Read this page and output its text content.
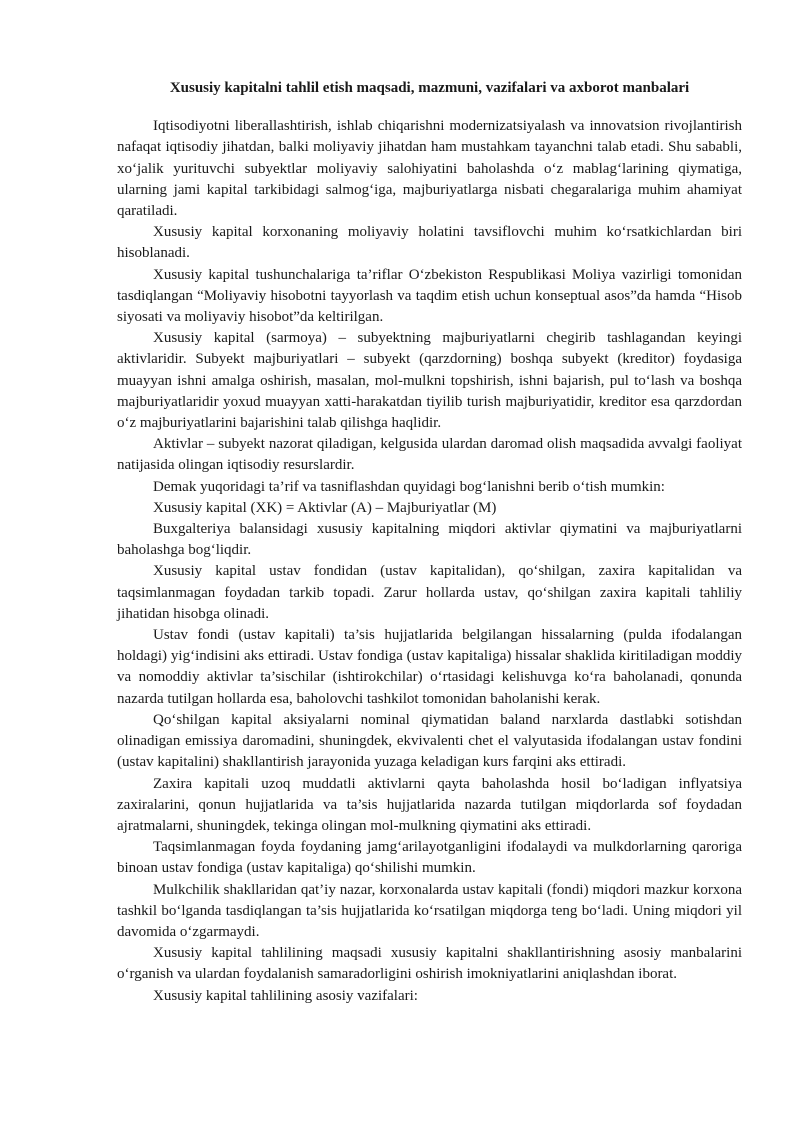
Xususiy kapitalni tahlil etish maqsadi, mazmuni, vazifalari va axborot manbalari

Iqtisodiyotni liberallashtirish, ishlab chiqarishni modernizatsiyalash va innovatsion rivojlantirish nafaqat iqtisodiy jihatdan, balki moliyaviy jihatdan ham mustahkam tayanchni talab etadi. Shu sababli, xo‘jalik yurituvchi subyektlar moliyaviy salohiyatini baholashda o‘z mablag‘larining qiymatiga, ularning jami kapital tarkibidagi salmog‘iga, majburiyatlarga nisbati chegaralariga muhim ahamiyat qaratiladi.

Xususiy kapital korxonaning moliyaviy holatini tavsiflovchi muhim ko‘rsatkichlardan biri hisoblanadi.

Xususiy kapital tushunchalariga ta’riflar O‘zbekiston Respublikasi Moliya vazirligi tomonidan tasdiqlangan “Moliyaviy hisobotni tayyorlash va taqdim etish uchun konseptual asos”da hamda “Hisob siyosati va moliyaviy hisobot”da keltirilgan.

Xususiy kapital (sarmoya) – subyektning majburiyatlarni chegirib tashlagandan keyingi aktivlaridir. Subyekt majburiyatlari – subyekt (qarzdorning) boshqa subyekt (kreditor) foydasiga muayyan ishni amalga oshirish, masalan, mol-mulkni topshirish, ishni bajarish, pul to‘lash va boshqa majburiyatlaridir yoxud muayyan xatti-harakatdan tiyilib turish majburiyatidir, kreditor esa qarzdordan o‘z majburiyatlarini bajarishini talab qilishga haqlidir.

Aktivlar – subyekt nazorat qiladigan, kelgusida ulardan daromad olish maqsadida avvalgi faoliyat natijasida olingan iqtisodiy resurslardir.

Demak yuqoridagi ta’rif va tasniflashdan quyidagi bog‘lanishni berib o‘tish mumkin:

Xususiy kapital (XK) = Aktivlar (A) – Majburiyatlar (M)

Buxgalteriya balansidagi xususiy kapitalning miqdori aktivlar qiymatini va majburiyatlarni baholashga bog‘liqdir.

Xususiy kapital ustav fondidan (ustav kapitalidan), qo‘shilgan, zaxira kapitalidan va taqsimlanmagan foydadan tarkib topadi. Zarur hollarda ustav, qo‘shilgan zaxira kapitali tahliliy jihatidan hisobga olinadi.

Ustav fondi (ustav kapitali) ta’sis hujjatlarida belgilangan hissalarning (pulda ifodalangan holdagi) yig‘indisini aks ettiradi. Ustav fondiga (ustav kapitaliga) hissalar shaklida kiritiladigan moddiy va nomoddiy aktivlar ta’sischilar (ishtirokchilar) o‘rtasidagi kelishuvga ko‘ra baholanadi, qonunda nazarda tutilgan hollarda esa, baholovchi tashkilot tomonidan baholanishi kerak.

Qo‘shilgan kapital aksiyalarni nominal qiymatidan baland narxlarda dastlabki sotishdan olinadigan emissiya daromadini, shuningdek, ekvivalenti chet el valyutasida ifodalangan ustav fondini (ustav kapitalini) shakllantirish jarayonida yuzaga keladigan kurs farqini aks ettiradi.

Zaxira kapitali uzoq muddatli aktivlarni qayta baholashda hosil bo‘ladigan inflyatsiya zaxiralarini, qonun hujjatlarida va ta’sis hujjatlarida nazarda tutilgan miqdorlarda sof foydadan ajratmalarni, shuningdek, tekinga olingan mol-mulkning qiymatini aks ettiradi.

Taqsimlanmagan foyda foydaning jamg‘arilayotganligini ifodalaydi va mulkdorlarning qaroriga binoan ustav fondiga (ustav kapitaliga) qo‘shilishi mumkin.

Mulkchilik shakllaridan qat’iy nazar, korxonalarda ustav kapitali (fondi) miqdori mazkur korxona tashkil bo‘lganda tasdiqlangan ta’sis hujjatlarida ko‘rsatilgan miqdorga teng bo‘ladi. Uning miqdori yil davomida o‘zgarmaydi.

Xususiy kapital tahlilining maqsadi xususiy kapitalni shakllantirishning asosiy manbalarini o‘rganish va ulardan foydalanish samaradorligini oshirish imokniyatlarini aniqlashdan iborat.

Xususiy kapital tahlilining asosiy vazifalari:
